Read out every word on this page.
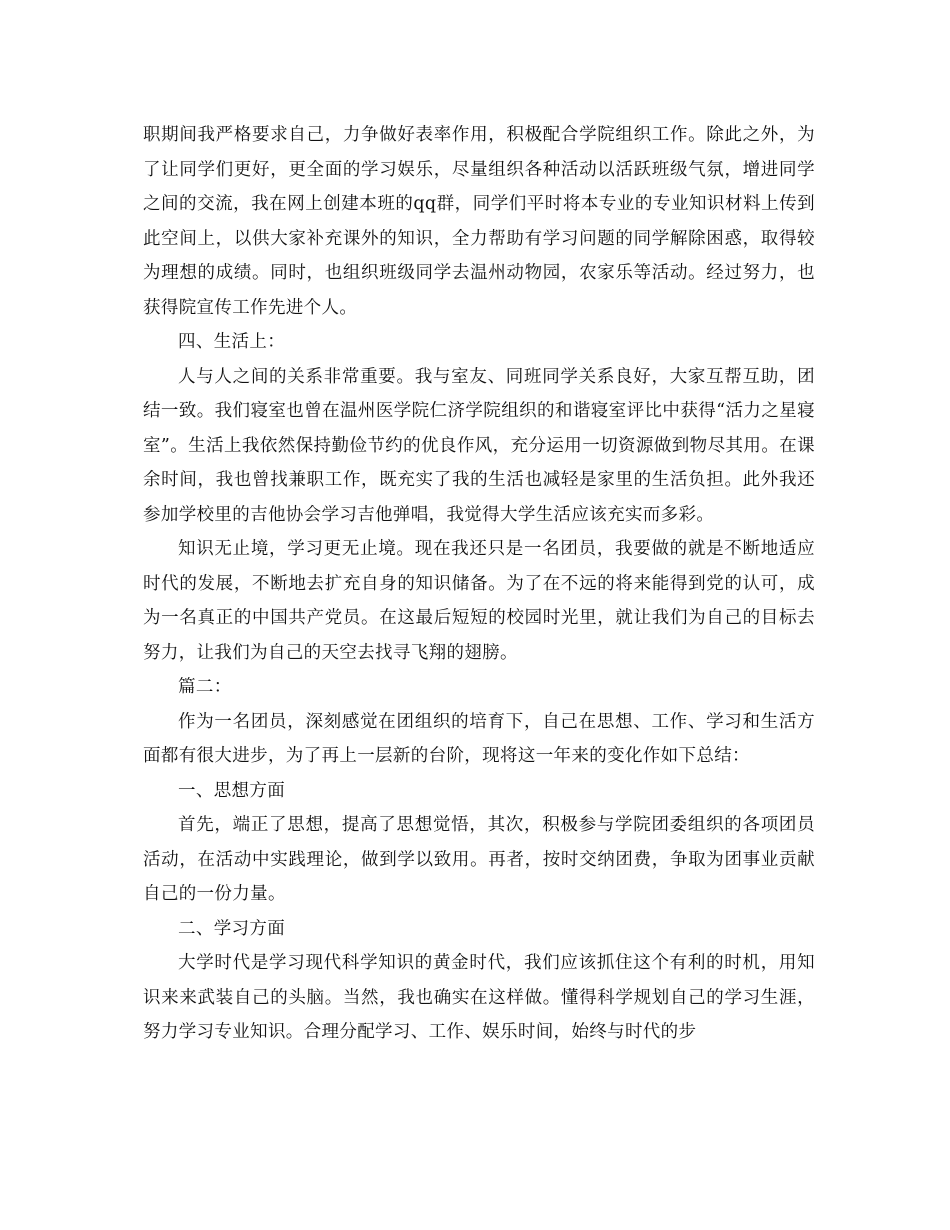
职期间我严格要求自己，力争做好表率作用，积极配合学院组织工作。除此之外，为了让同学们更好，更全面的学习娱乐，尽量组织各种活动以活跃班级气氛，增进同学之间的交流，我在网上创建本班的qq群，同学们平时将本专业的专业知识材料上传到此空间上，以供大家补充课外的知识，全力帮助有学习问题的同学解除困惑，取得较为理想的成绩。同时，也组织班级同学去温州动物园，农家乐等活动。经过努力，也获得院宣传工作先进个人。

四、生活上：

人与人之间的关系非常重要。我与室友、同班同学关系良好，大家互帮互助，团结一致。我们寝室也曾在温州医学院仁济学院组织的和谐寝室评比中获得“活力之星寝室”。生活上我依然保持勤俭节约的优良作风，充分运用一切资源做到物尽其用。在课余时间，我也曾找兼职工作，既充实了我的生活也减轻是家里的生活负担。此外我还参加学校里的吉他协会学习吉他弹唱，我觉得大学生活应该充实而多彩。

知识无止境，学习更无止境。现在我还只是一名团员，我要做的就是不断地适应时代的发展，不断地去扩充自身的知识储备。为了在不远的将来能得到党的认可，成为一名真正的中国共产党员。在这最后短短的校园时光里，就让我们为自己的目标去努力，让我们为自己的天空去找寻飞翔的翅膀。

篇二：

作为一名团员，深刻感觉在团组织的培育下，自己在思想、工作、学习和生活方面都有很大进步，为了再上一层新的台阶，现将这一年来的变化作如下总结：

一、思想方面

首先，端正了思想，提高了思想觉悟，其次，积极参与学院团委组织的各项团员活动，在活动中实践理论，做到学以致用。再者，按时交纳团费，争取为团事业贡献自己的一份力量。

二、学习方面

大学时代是学习现代科学知识的黄金时代，我们应该抓住这个有利的时机，用知识来来武装自己的头脑。当然，我也确实在这样做。懂得科学规划自己的学习生涯，努力学习专业知识。合理分配学习、工作、娱乐时间，始终与时代的步
